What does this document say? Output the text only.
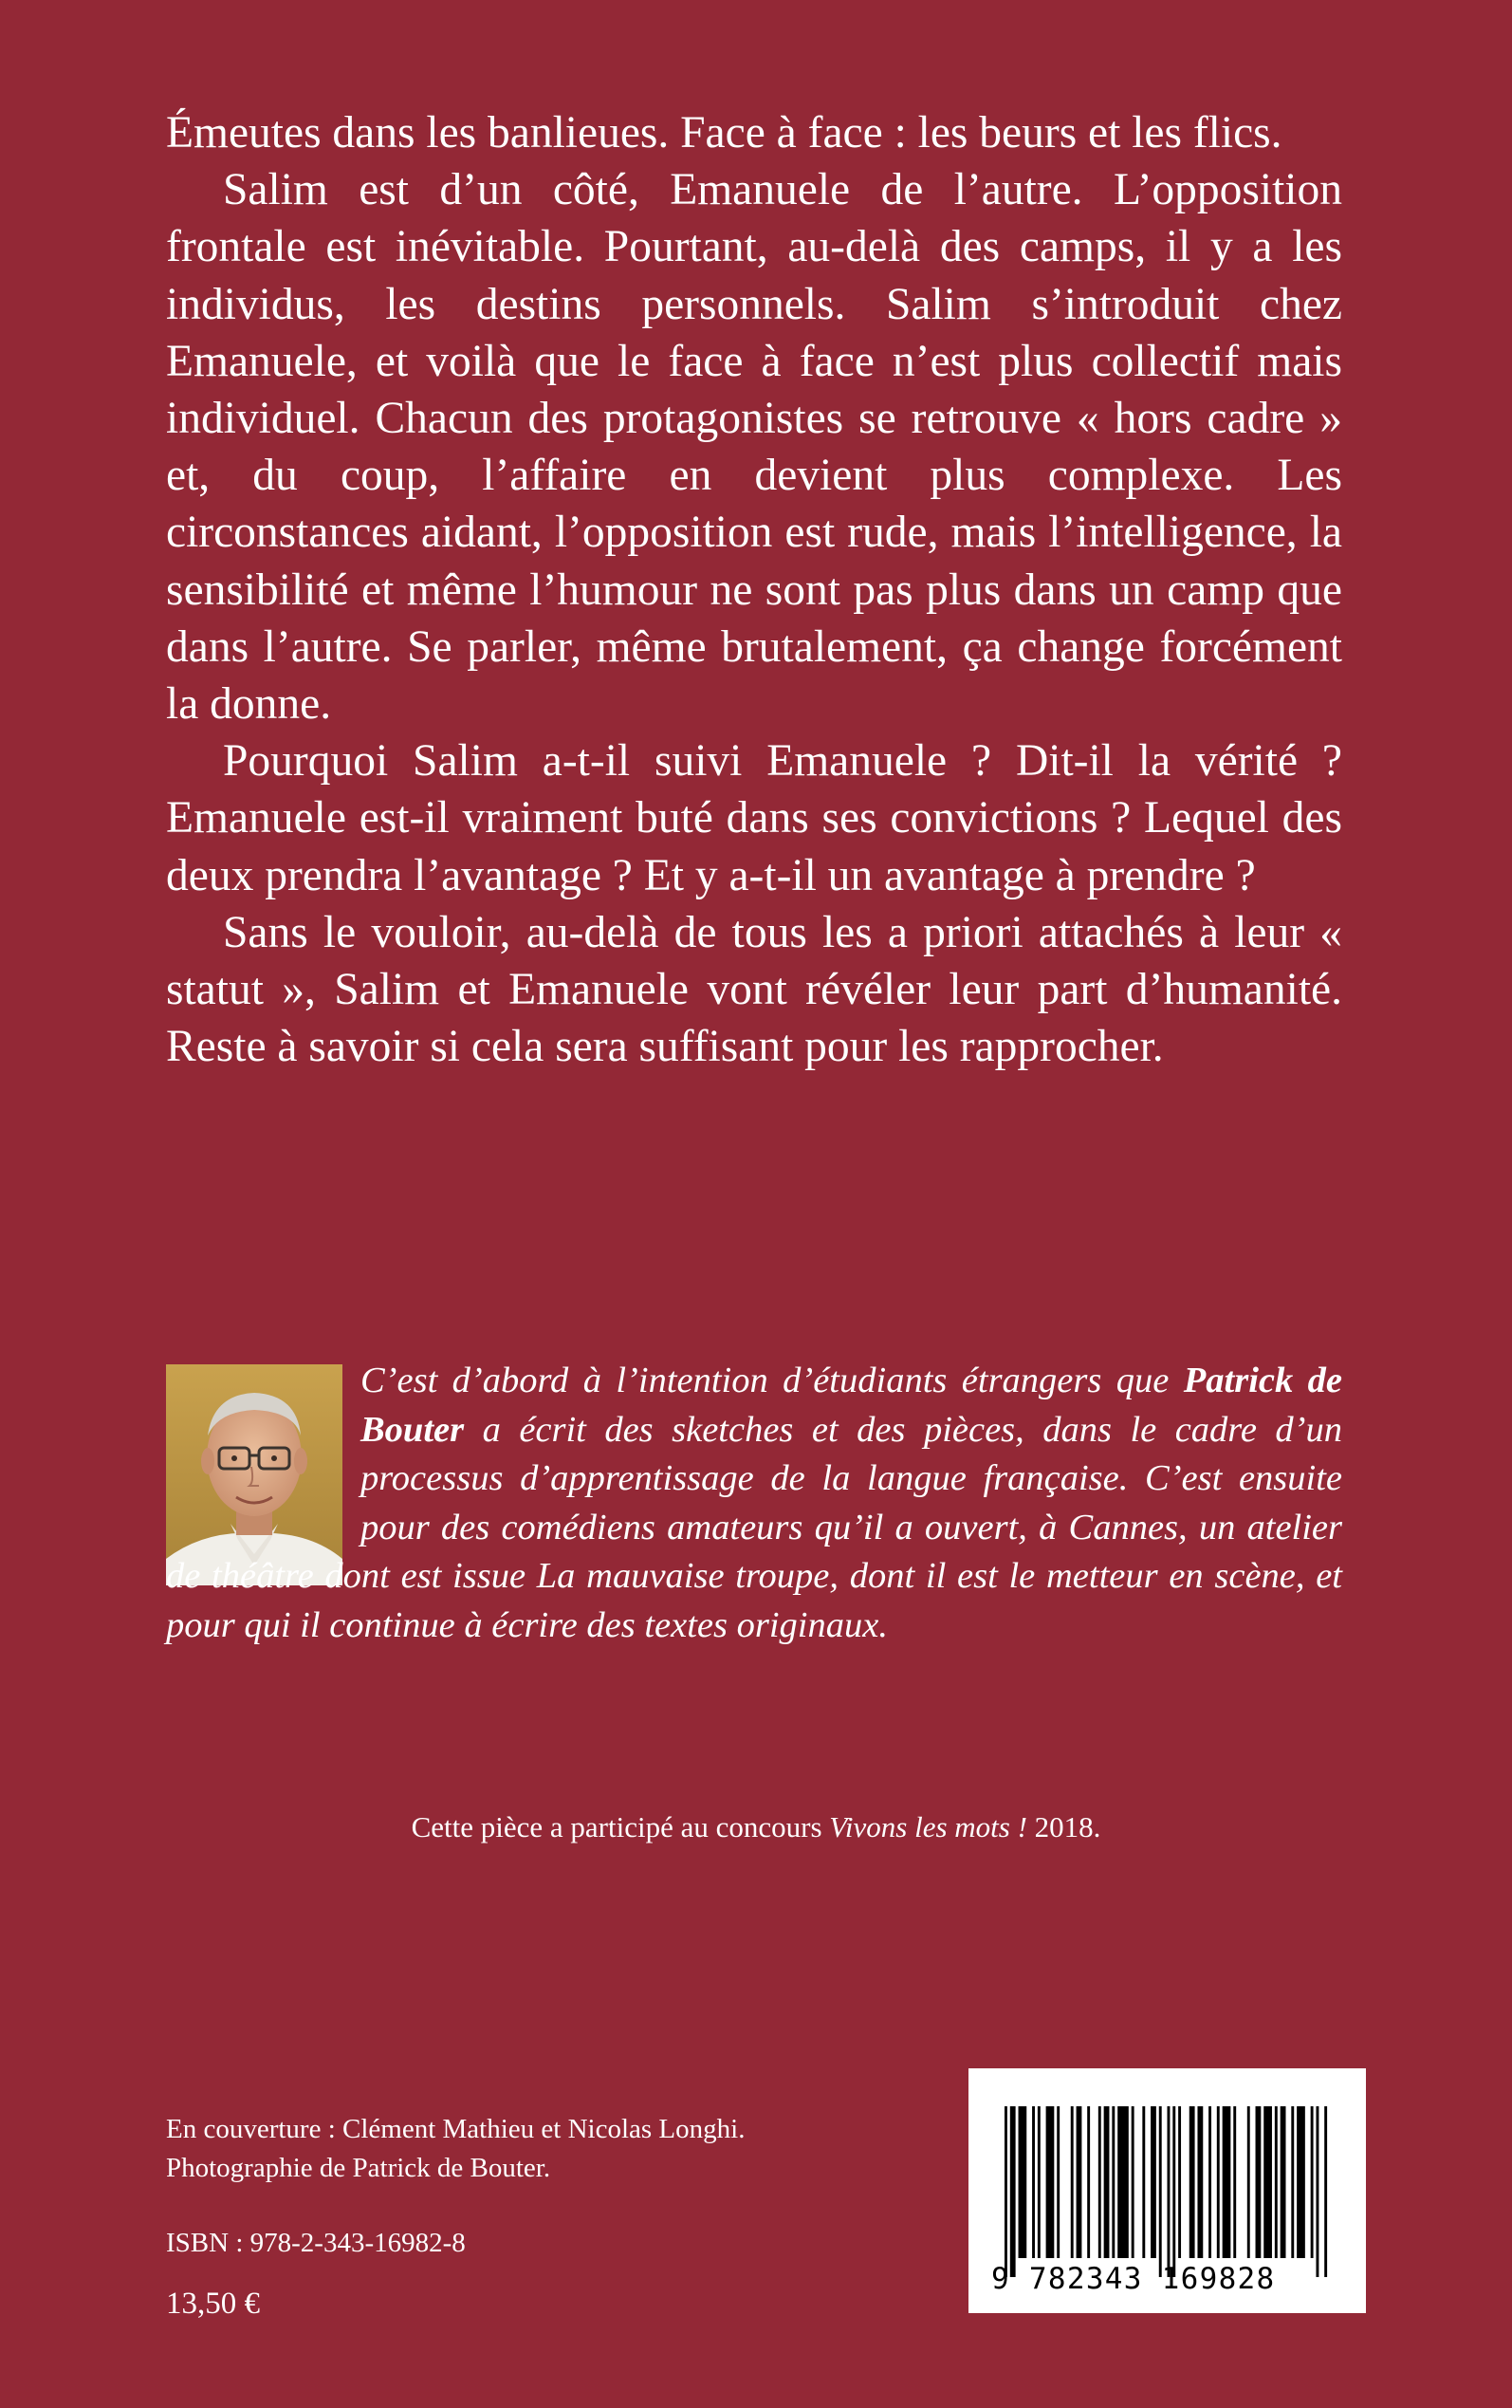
Émeutes dans les banlieues. Face à face : les beurs et les flics.

Salim est d’un côté, Emanuele de l’autre. L’opposition frontale est inévitable. Pourtant, au-delà des camps, il y a les individus, les destins personnels. Salim s’introduit chez Emanuele, et voilà que le face à face n’est plus collectif mais individuel. Chacun des protagonistes se retrouve « hors cadre » et, du coup, l’affaire en devient plus complexe. Les circonstances aidant, l’opposition est rude, mais l’intelligence, la sensibilité et même l’humour ne sont pas plus dans un camp que dans l’autre. Se parler, même brutalement, ça change forcément la donne.

Pourquoi Salim a-t-il suivi Emanuele ? Dit-il la vérité ? Emanuele est-il vraiment buté dans ses convictions ? Lequel des deux prendra l’avantage ? Et y a-t-il un avantage à prendre ?

Sans le vouloir, au-delà de tous les a priori attachés à leur « statut », Salim et Emanuele vont révéler leur part d’humanité. Reste à savoir si cela sera suffisant pour les rapprocher.

C’est d’abord à l’intention d’étudiants étrangers que Patrick de Bouter a écrit des sketches et des pièces, dans le cadre d’un processus d’apprentissage de la langue française. C’est ensuite pour des comédiens amateurs qu’il a ouvert, à Cannes, un atelier de théâtre dont est issue La mauvaise troupe, dont il est le metteur en scène, et pour qui il continue à écrire des textes originaux.

Cette pièce a participé au concours Vivons les mots ! 2018.

En couverture : Clément Mathieu et Nicolas Longhi.

Photographie de Patrick de Bouter.

ISBN : 978-2-343-16982-8
13,50 €
9 782343 169828
